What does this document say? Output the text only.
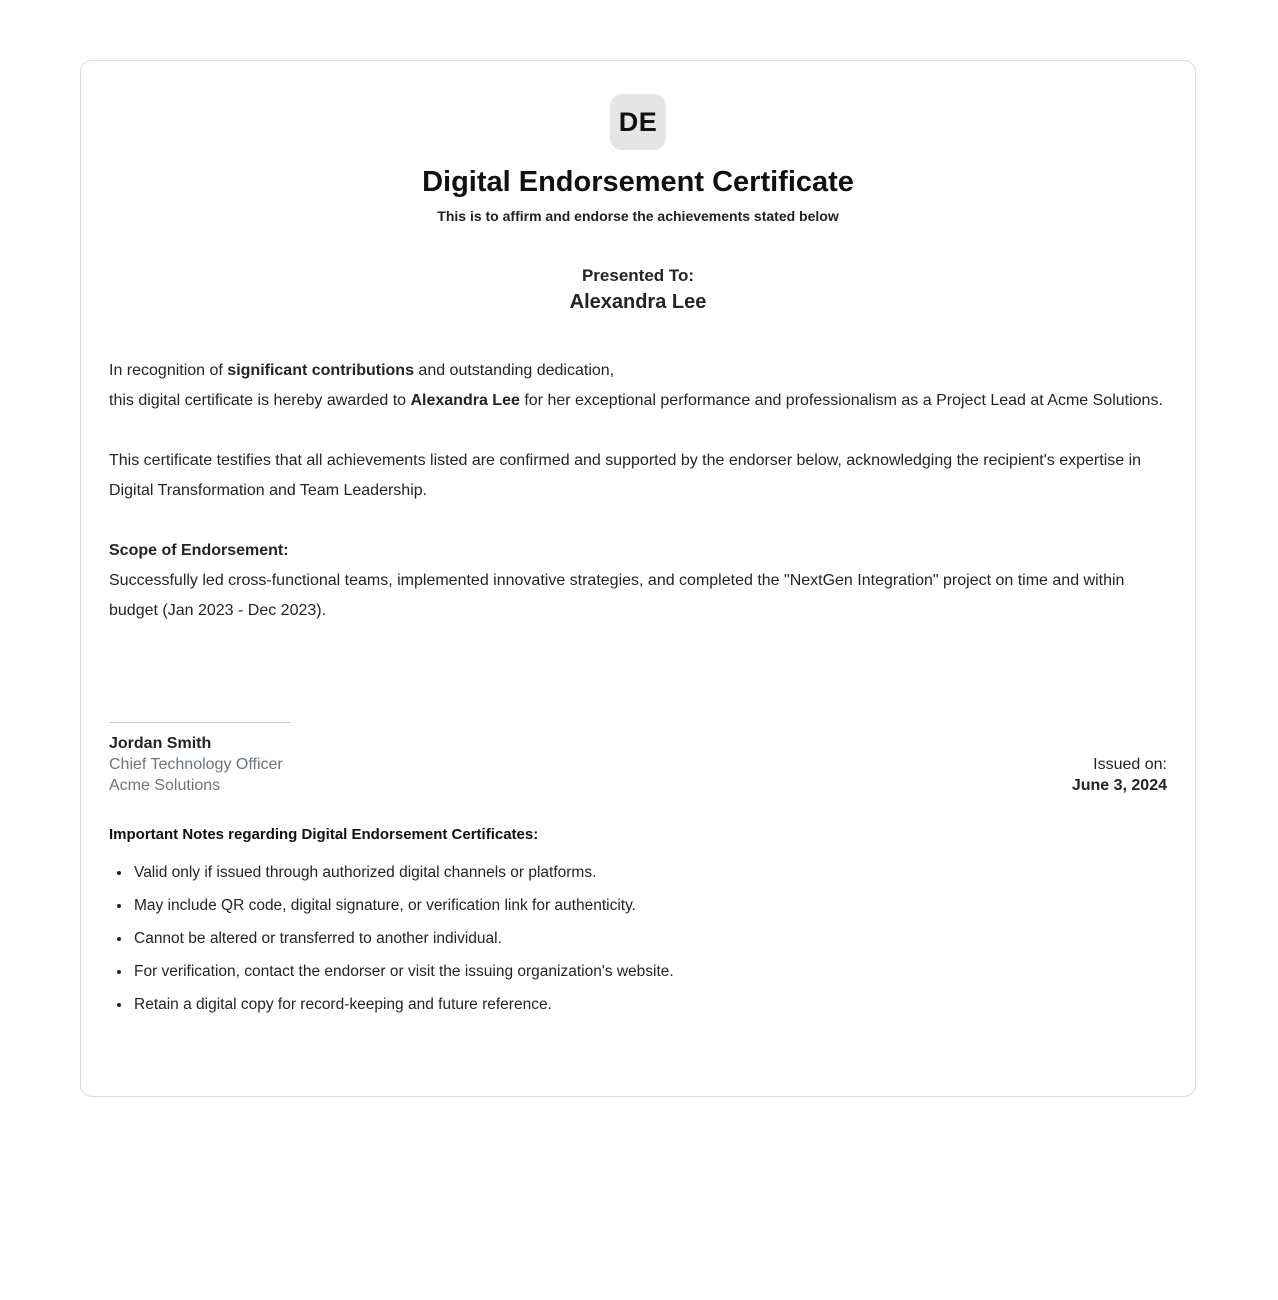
DE
Digital Endorsement Certificate
This is to affirm and endorse the achievements stated below
Presented To:
Alexandra Lee

In recognition of significant contributions and outstanding dedication,
this digital certificate is hereby awarded to Alexandra Lee for her exceptional performance and professionalism as a Project Lead at Acme Solutions.

This certificate testifies that all achievements listed are confirmed and supported by the endorser below, acknowledging the recipient's expertise in Digital Transformation and Team Leadership.

Scope of Endorsement:
Successfully led cross-functional teams, implemented innovative strategies, and completed the "NextGen Integration" project on time and within budget (Jan 2023 - Dec 2023).
Jordan Smith
Chief Technology Officer
Acme Solutions
Issued on:
June 3, 2024
Important Notes regarding Digital Endorsement Certificates:
• Valid only if issued through authorized digital channels or platforms.
• May include QR code, digital signature, or verification link for authenticity.
• Cannot be altered or transferred to another individual.
• For verification, contact the endorser or visit the issuing organization's website.
• Retain a digital copy for record-keeping and future reference.
